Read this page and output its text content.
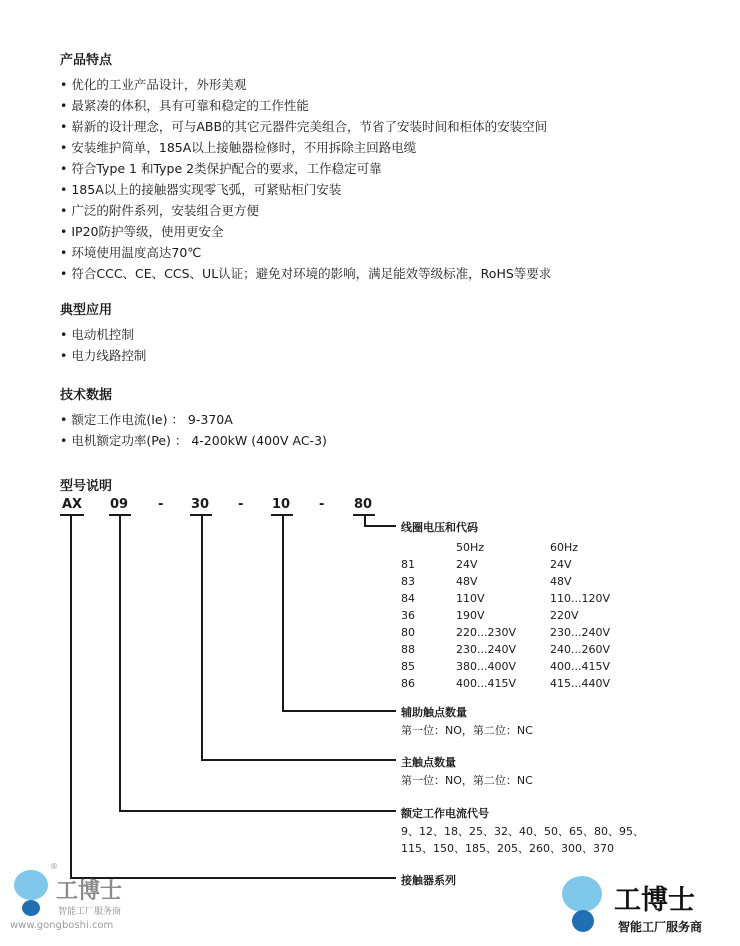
产品特点
• 优化的工业产品设计，外形美观
• 最紧凑的体积，具有可靠和稳定的工作性能
• 崭新的设计理念，可与ABB的其它元器件完美组合，节省了安装时间和柜体的安装空间
• 安装维护简单，185A以上接触器检修时，不用拆除主回路电缆
• 符合Type 1 和Type 2类保护配合的要求，工作稳定可靠
• 185A以上的接触器实现零飞弧，可紧贴柜门安装
• 广泛的附件系列，安装组合更方便
• IP20防护等级，使用更安全
• 环境使用温度高达70℃
• 符合CCC、CE、CCS、UL认证；避免对环境的影响，满足能效等级标准，RoHS等要求
典型应用
• 电动机控制
• 电力线路控制
技术数据
• 额定工作电流(Ie) ： 9-370A
• 电机额定功率(Pe) ： 4-200kW (400V AC-3)
型号说明
AX 09 - 30 - 10 - 80
线圈电压和代码
	50Hz	60Hz
81	24V	24V
83	48V	48V
84	110V	110...120V
36	190V	220V
80	220...230V	230...240V
88	230...240V	240...260V
85	380...400V	400...415V
86	400...415V	415...440V
辅助触点数量
第一位：NO，第二位：NC
主触点数量
第一位：NO，第二位：NC
额定工作电流代号
9、12、18、25、32、40、50、65、80、95、
115、150、185、205、260、300、370
接触器系列
工博士
智能工厂服务商
www.gongboshi.com
®
工博士
智能工厂服务商
